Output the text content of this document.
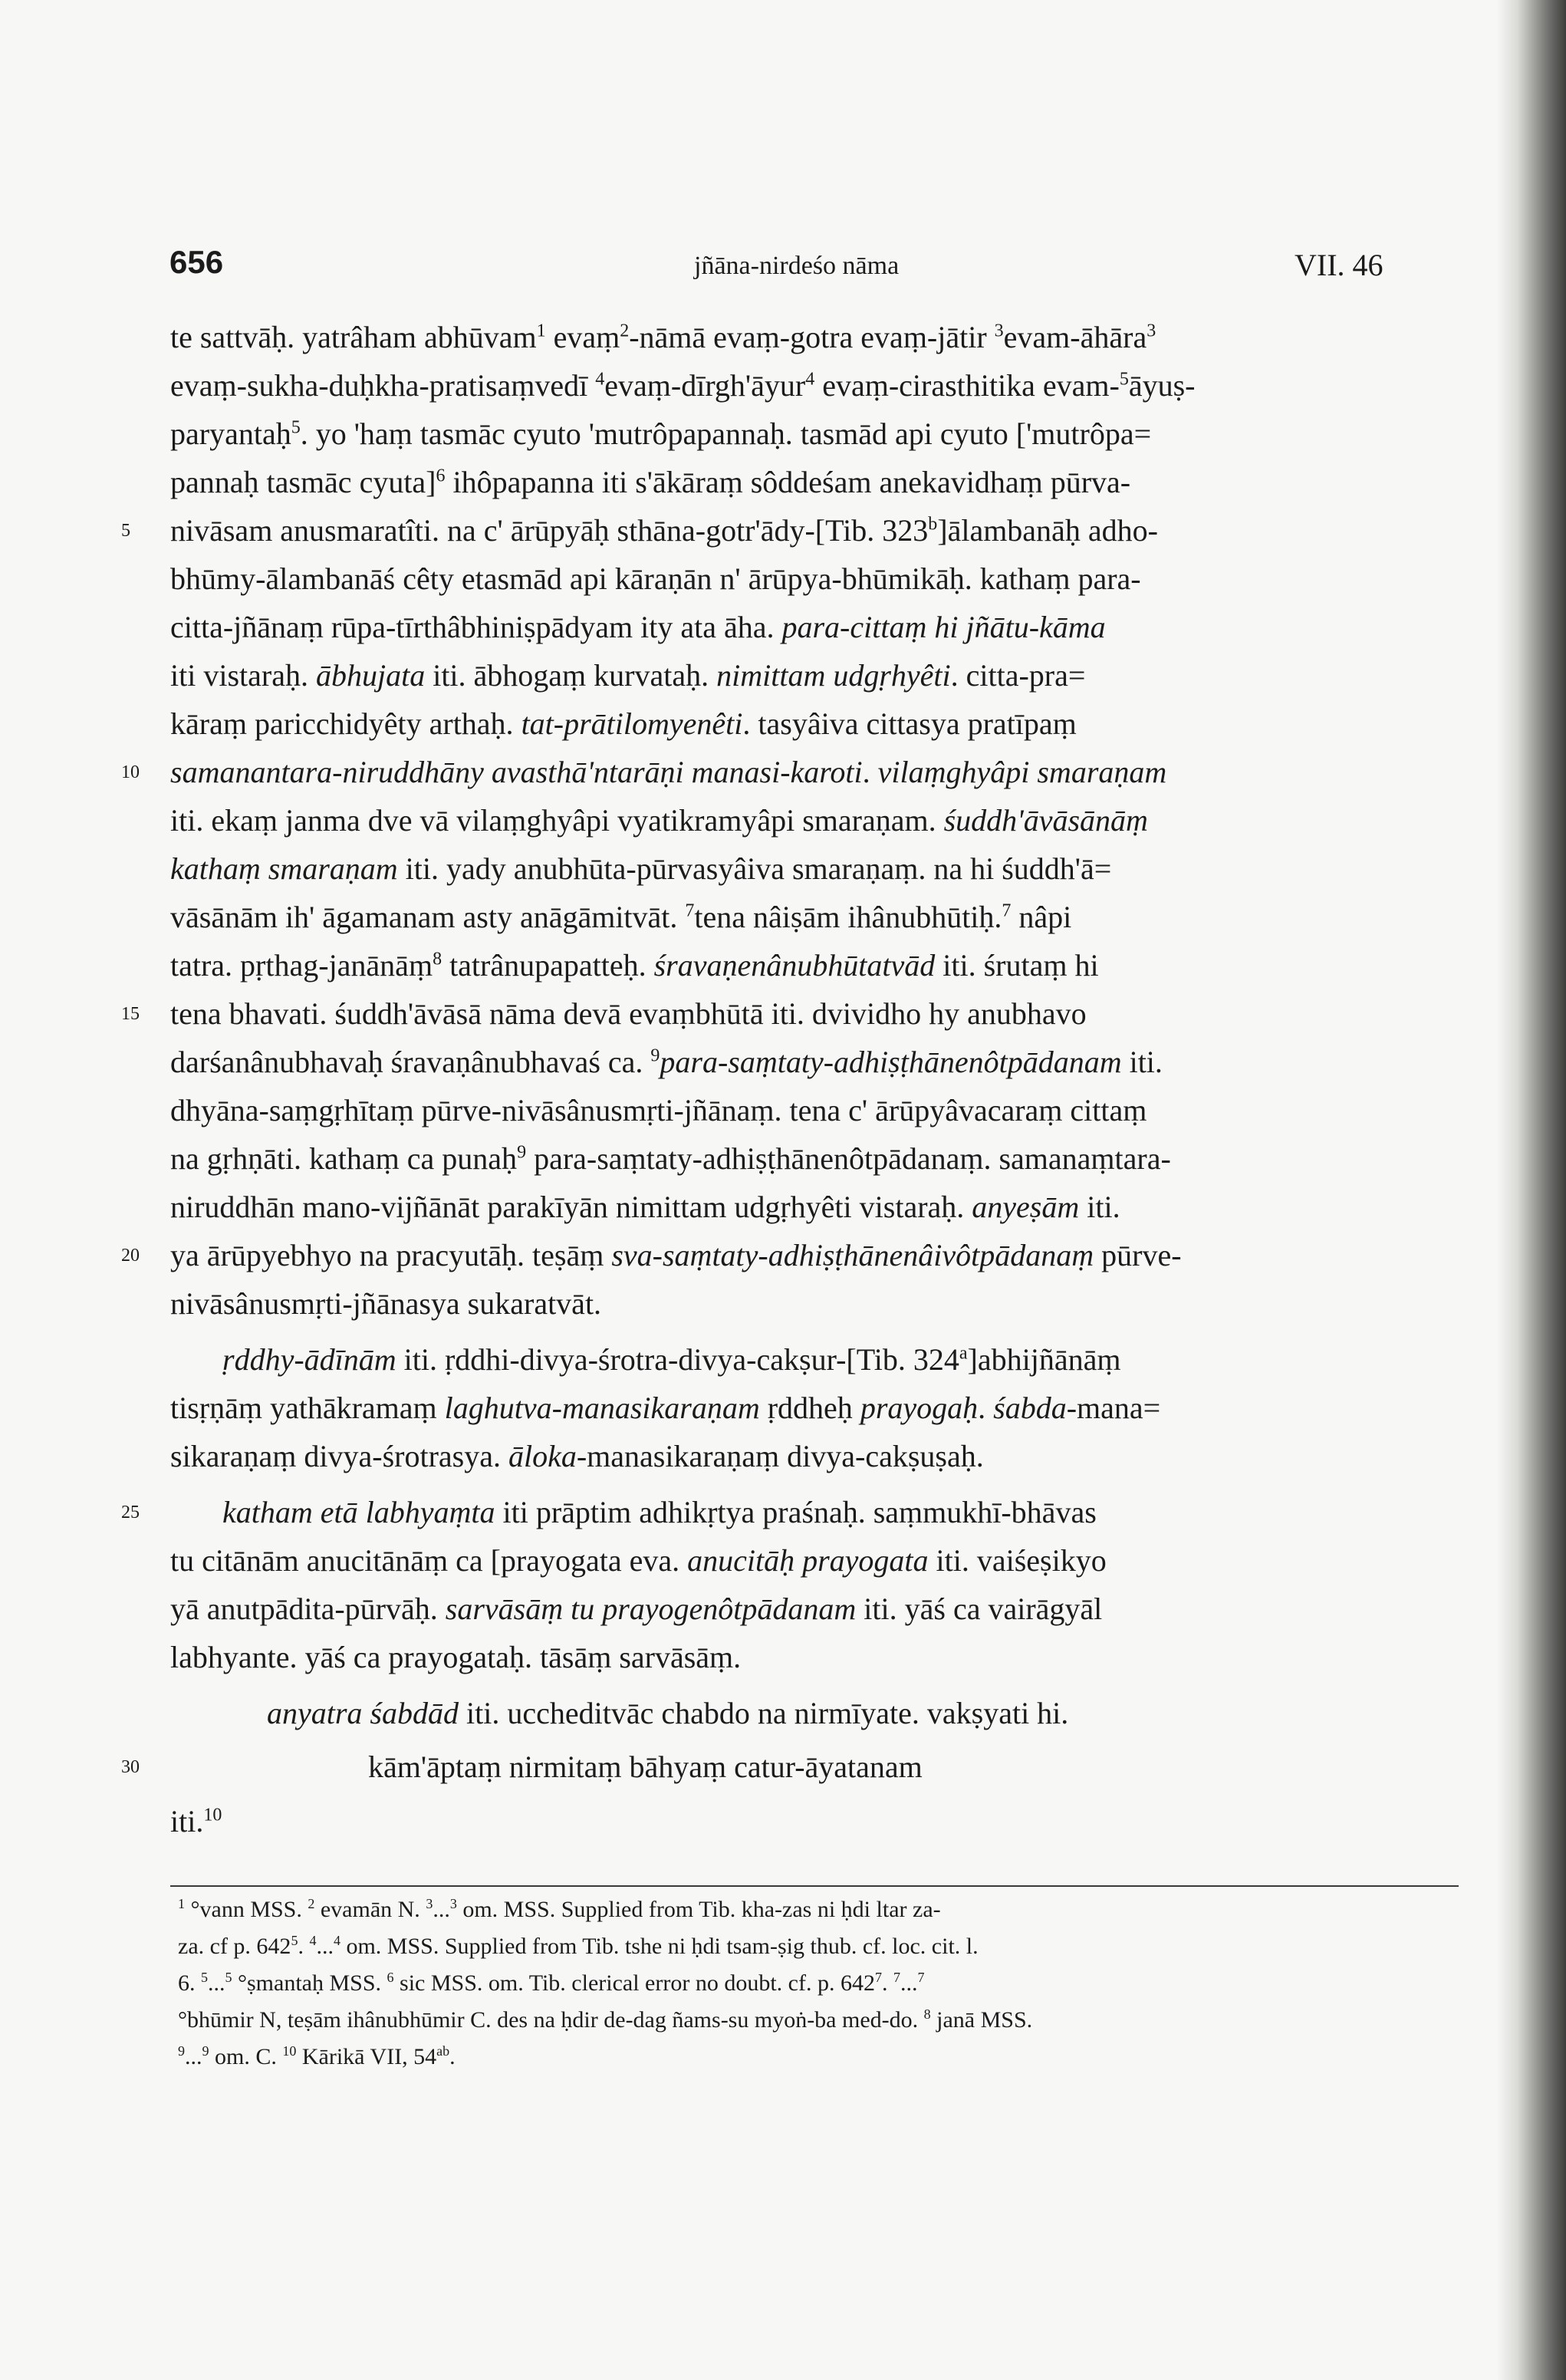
656	jñāna-nirdeśo nāma	VII. 46
te sattvāḥ. yatrâham abhūvam$^1$ evaṃ$^2$-nāmā evaṃ-gotra evaṃ-jātir $^3$evam-āhāra$^3$
evaṃ-sukha-duḥkha-pratisaṃvedī $^4$evaṃ-dīrgh'āyur$^4$ evaṃ-cirasthitika evam-$^5$āyuṣ-
paryantaḥ$^5$. yo 'haṃ tasmāc cyuto 'mutrôpapannaḥ. tasmād api cyuto ['mutrôpa=
pannaḥ tasmāc cyuta]$^6$ ihôpapanna iti s'ākāraṃ sôddeśam anekavidhaṃ pūrva-
nivāsam anusmaratîti. na c' ārūpyāḥ sthāna-gotr'ādy-[Tib. 323$^b$]ālambanāḥ adho-
bhūmy-ālambanāś cêty etasmād api kāraṇān n' ārūpya-bhūmikāḥ. kathaṃ para-
citta-jñānaṃ rūpa-tīrthâbhiniṣpādyam ity ata āha. para-cittaṃ hi jñātu-kāma
iti vistaraḥ. ābhujata iti. ābhogaṃ kurvataḥ. nimittam udgṛhyêti. citta-pra=
kāraṃ paricchidyêty arthaḥ. tat-prātilomyenêti. tasyâiva cittasya pratīpaṃ
samanantara-niruddhāny avasthā'ntarāṇi manasi-karoti. vilaṃghyâpi smaraṇam
iti. ekaṃ janma dve vā vilaṃghyâpi vyatikramyâpi smaraṇam. śuddh'āvāsānāṃ
kathaṃ smaraṇam iti. yady anubhūta-pūrvasyâiva smaraṇaṃ. na hi śuddh'ā=
vāsānām ih' āgamanam asty anāgāmitvāt. $^7$tena nâiṣām ihânubhūtiḥ.$^7$ nâpi
tatra. pṛthag-janānāṃ$^8$ tatrânupapatteḥ. śravaṇenânubhūtatvād iti. śrutaṃ hi
tena bhavati. śuddh'āvāsā nāma devā evaṃbhūtā iti. dvividho hy anubhavo
darśanânubhavaḥ śravaṇânubhavaś ca. $^9$para-saṃtaty-adhiṣṭhānenôtpādanam iti.
dhyāna-saṃgṛhītaṃ pūrve-nivāsânusmṛti-jñānaṃ. tena c' ārūpyâvacaraṃ cittaṃ
na gṛhṇāti. kathaṃ ca punaḥ$^9$ para-saṃtaty-adhiṣṭhānenôtpādanaṃ. samanaṃtara-
niruddhān mano-vijñānāt parakīyān nimittam udgṛhyêti vistaraḥ. anyeṣām iti.
ya ārūpyebhyo na pracyutāḥ. teṣāṃ sva-saṃtaty-adhiṣṭhānenâivôtpādanaṃ pūrve-
nivāsânusmṛti-jñānasya sukaratvāt.
ṛddhy-ādīnām iti. ṛddhi-divya-śrotra-divya-cakṣur-[Tib. 324$^a$]abhijñānāṃ
tisṛṇāṃ yathākramaṃ laghutva-manasikaraṇam ṛddheḥ prayogaḥ. śabda-mana=
sikaraṇaṃ divya-śrotrasya. āloka-manasikaraṇaṃ divya-cakṣuṣaḥ.
katham etā labhyaṃta iti prāptim adhikṛtya praśnaḥ. saṃmukhī-bhāvas
tu citānām anucitānāṃ ca [prayogata eva. anucitāḥ prayogata iti. vaiśeṣikyo
yā anutpādita-pūrvāḥ. sarvāsāṃ tu prayogenôtpādanam iti. yāś ca vairāgyāl
labhyante. yāś ca prayogataḥ. tāsāṃ sarvāsāṃ.
anyatra śabdād iti. uccheditvāc chabdo na nirmīyate. vakṣyati hi.
kām'āptaṃ nirmitaṃ bāhyaṃ catur-āyatanam
iti.$^{10}$
5
10
15
20
25
30
$^1$ °vann MSS. $^2$ evamān N. $^3$...$^3$ om. MSS. Supplied from Tib. kha-zas ni ḥdi ltar za-
za. cf p. $642^5$. $^4$...$^4$ om. MSS. Supplied from Tib. tshe ni ḥdi tsam-ṣig thub. cf. loc. cit. l.
6. $^5$...$^5$ °ṣmantaḥ MSS. $^6$ sic MSS. om. Tib. clerical error no doubt. cf. p. $642^7$. $^7$...$^7$
°bhūmir N, teṣām ihânubhūmir C. des na ḥdir de-dag ñams-su myoṅ-ba med-do. $^8$ janā MSS.
$^9$...$^9$ om. C. $^{10}$ Kārikā VII, $54^{ab}$.
